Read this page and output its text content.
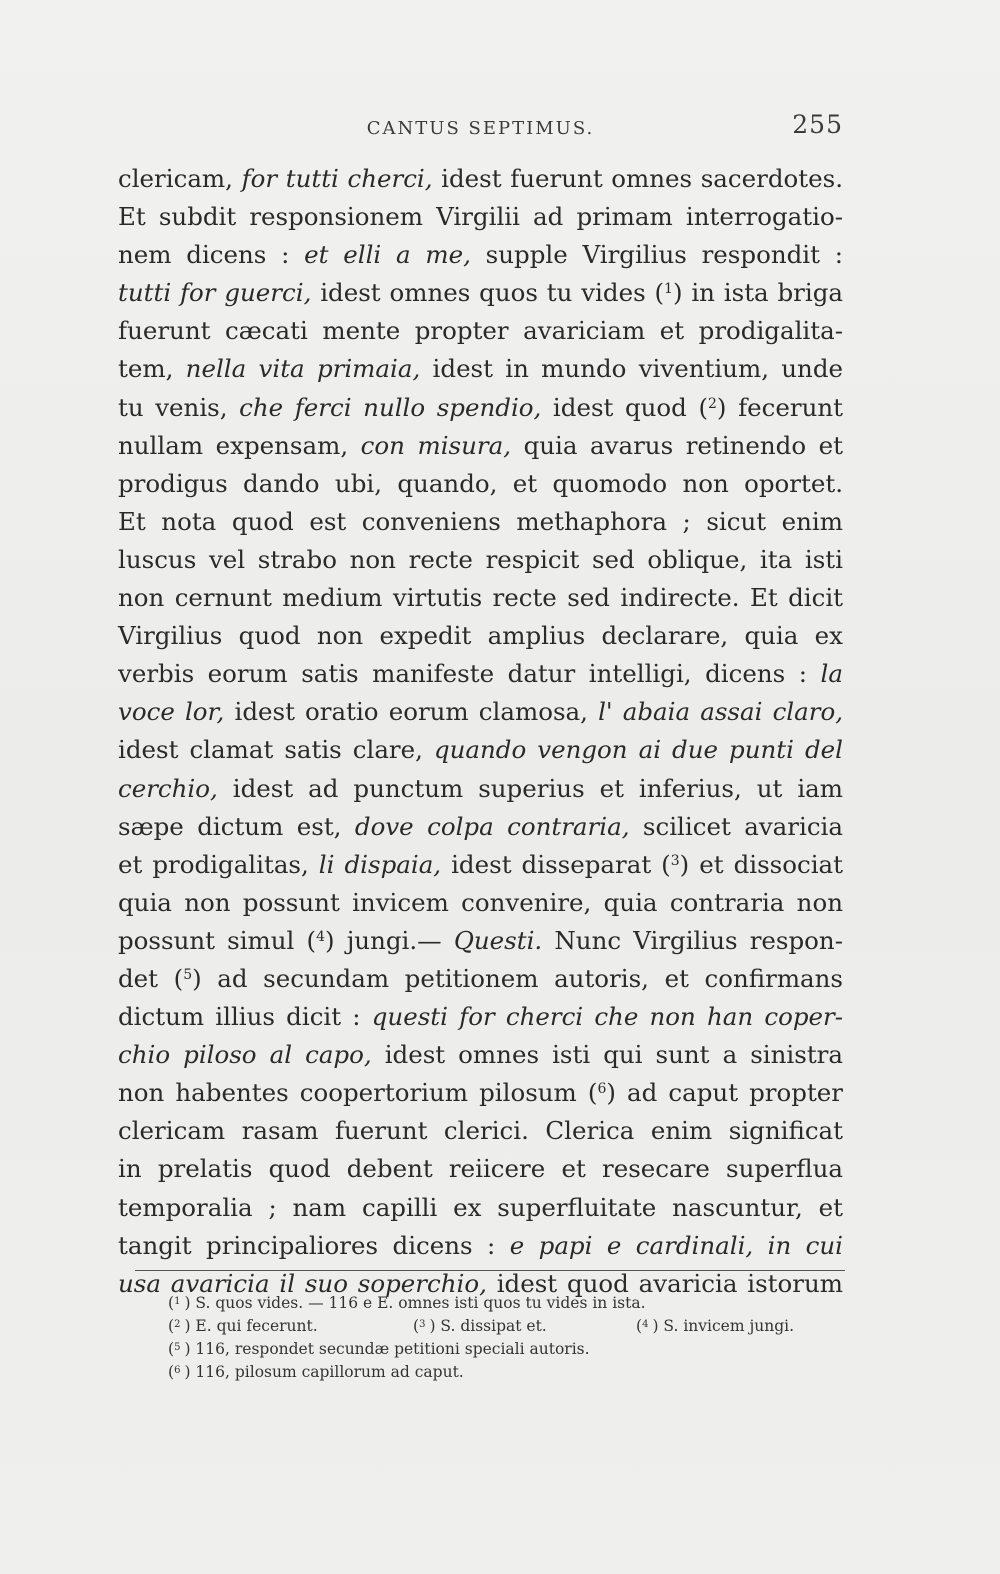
CANTUS SEPTIMUS.	255
clericam, for tutti cherci, idest fuerunt omnes sacerdotes.
Et subdit responsionem Virgilii ad primam interrogatio-
nem dicens : et elli a me, supple Virgilius respondit :
tutti for guerci, idest omnes quos tu vides ($^1$) in ista briga
fuerunt cæcati mente propter avariciam et prodigalita-
tem, nella vita primaia, idest in mundo viventium, unde
tu venis, che ferci nullo spendio, idest quod ($^2$) fecerunt
nullam expensam, con misura, quia avarus retinendo et
prodigus dando ubi, quando, et quomodo non oportet.
Et nota quod est conveniens methaphora ; sicut enim
luscus vel strabo non recte respicit sed oblique, ita isti
non cernunt medium virtutis recte sed indirecte. Et dicit
Virgilius quod non expedit amplius declarare, quia ex
verbis eorum satis manifeste datur intelligi, dicens : la
voce lor, idest oratio eorum clamosa, l' abaia assai claro,
idest clamat satis clare, quando vengon ai due punti del
cerchio, idest ad punctum superius et inferius, ut iam
sæpe dictum est, dove colpa contraria, scilicet avaricia
et prodigalitas, li dispaia, idest disseparat ($^3$) et dissociat
quia non possunt invicem convenire, quia contraria non
possunt simul ($^4$) jungi.— Questi. Nunc Virgilius respon-
det ($^5$) ad secundam petitionem autoris, et confirmans
dictum illius dicit : questi for cherci che non han coper-
chio piloso al capo, idest omnes isti qui sunt a sinistra
non habentes coopertorium pilosum ($^6$) ad caput propter
clericam rasam fuerunt clerici. Clerica enim significat
in prelatis quod debent reiicere et resecare superflua
temporalia ; nam capilli ex superfluitate nascuntur, et
tangit principaliores dicens : e papi e cardinali, in cui
usa avaricia il suo soperchio, idest quod avaricia istorum
($^1$ ) S. quos vides. — 116 e E. omnes isti quos tu vides in ista.
($^2$ ) E. qui fecerunt.	($^3$ ) S. dissipat et.	($^4$ ) S. invicem jungi.
($^5$ ) 116, respondet secundæ petitioni speciali autoris.
($^6$ ) 116, pilosum capillorum ad caput.
